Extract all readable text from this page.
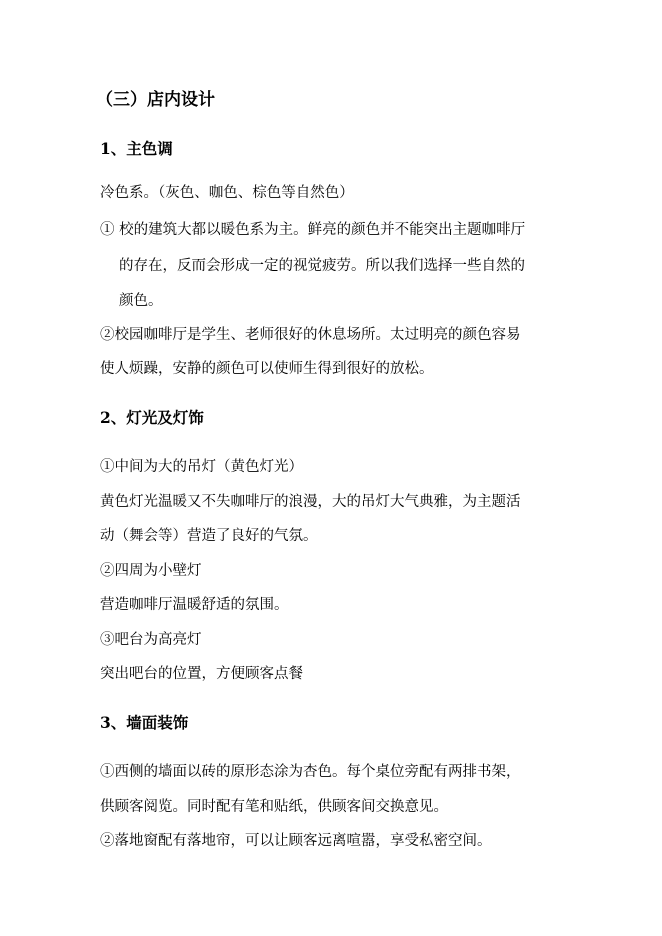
（三）店内设计
1、主色调
冷色系。（灰色、咖色、棕色等自然色）
① 校的建筑大都以暖色系为主。鲜亮的颜色并不能突出主题咖啡厅
的存在，反而会形成一定的视觉疲劳。所以我们选择一些自然的
颜色。
②校园咖啡厅是学生、老师很好的休息场所。太过明亮的颜色容易
使人烦躁，安静的颜色可以使师生得到很好的放松。
2、灯光及灯饰
①中间为大的吊灯（黄色灯光）
黄色灯光温暖又不失咖啡厅的浪漫，大的吊灯大气典雅，为主题活
动（舞会等）营造了良好的气氛。
②四周为小壁灯
营造咖啡厅温暖舒适的氛围。
③吧台为高亮灯
突出吧台的位置，方便顾客点餐
3、墙面装饰
①西侧的墙面以砖的原形态涂为杏色。每个桌位旁配有两排书架，
供顾客阅览。同时配有笔和贴纸，供顾客间交换意见。
②落地窗配有落地帘，可以让顾客远离喧嚣，享受私密空间。
